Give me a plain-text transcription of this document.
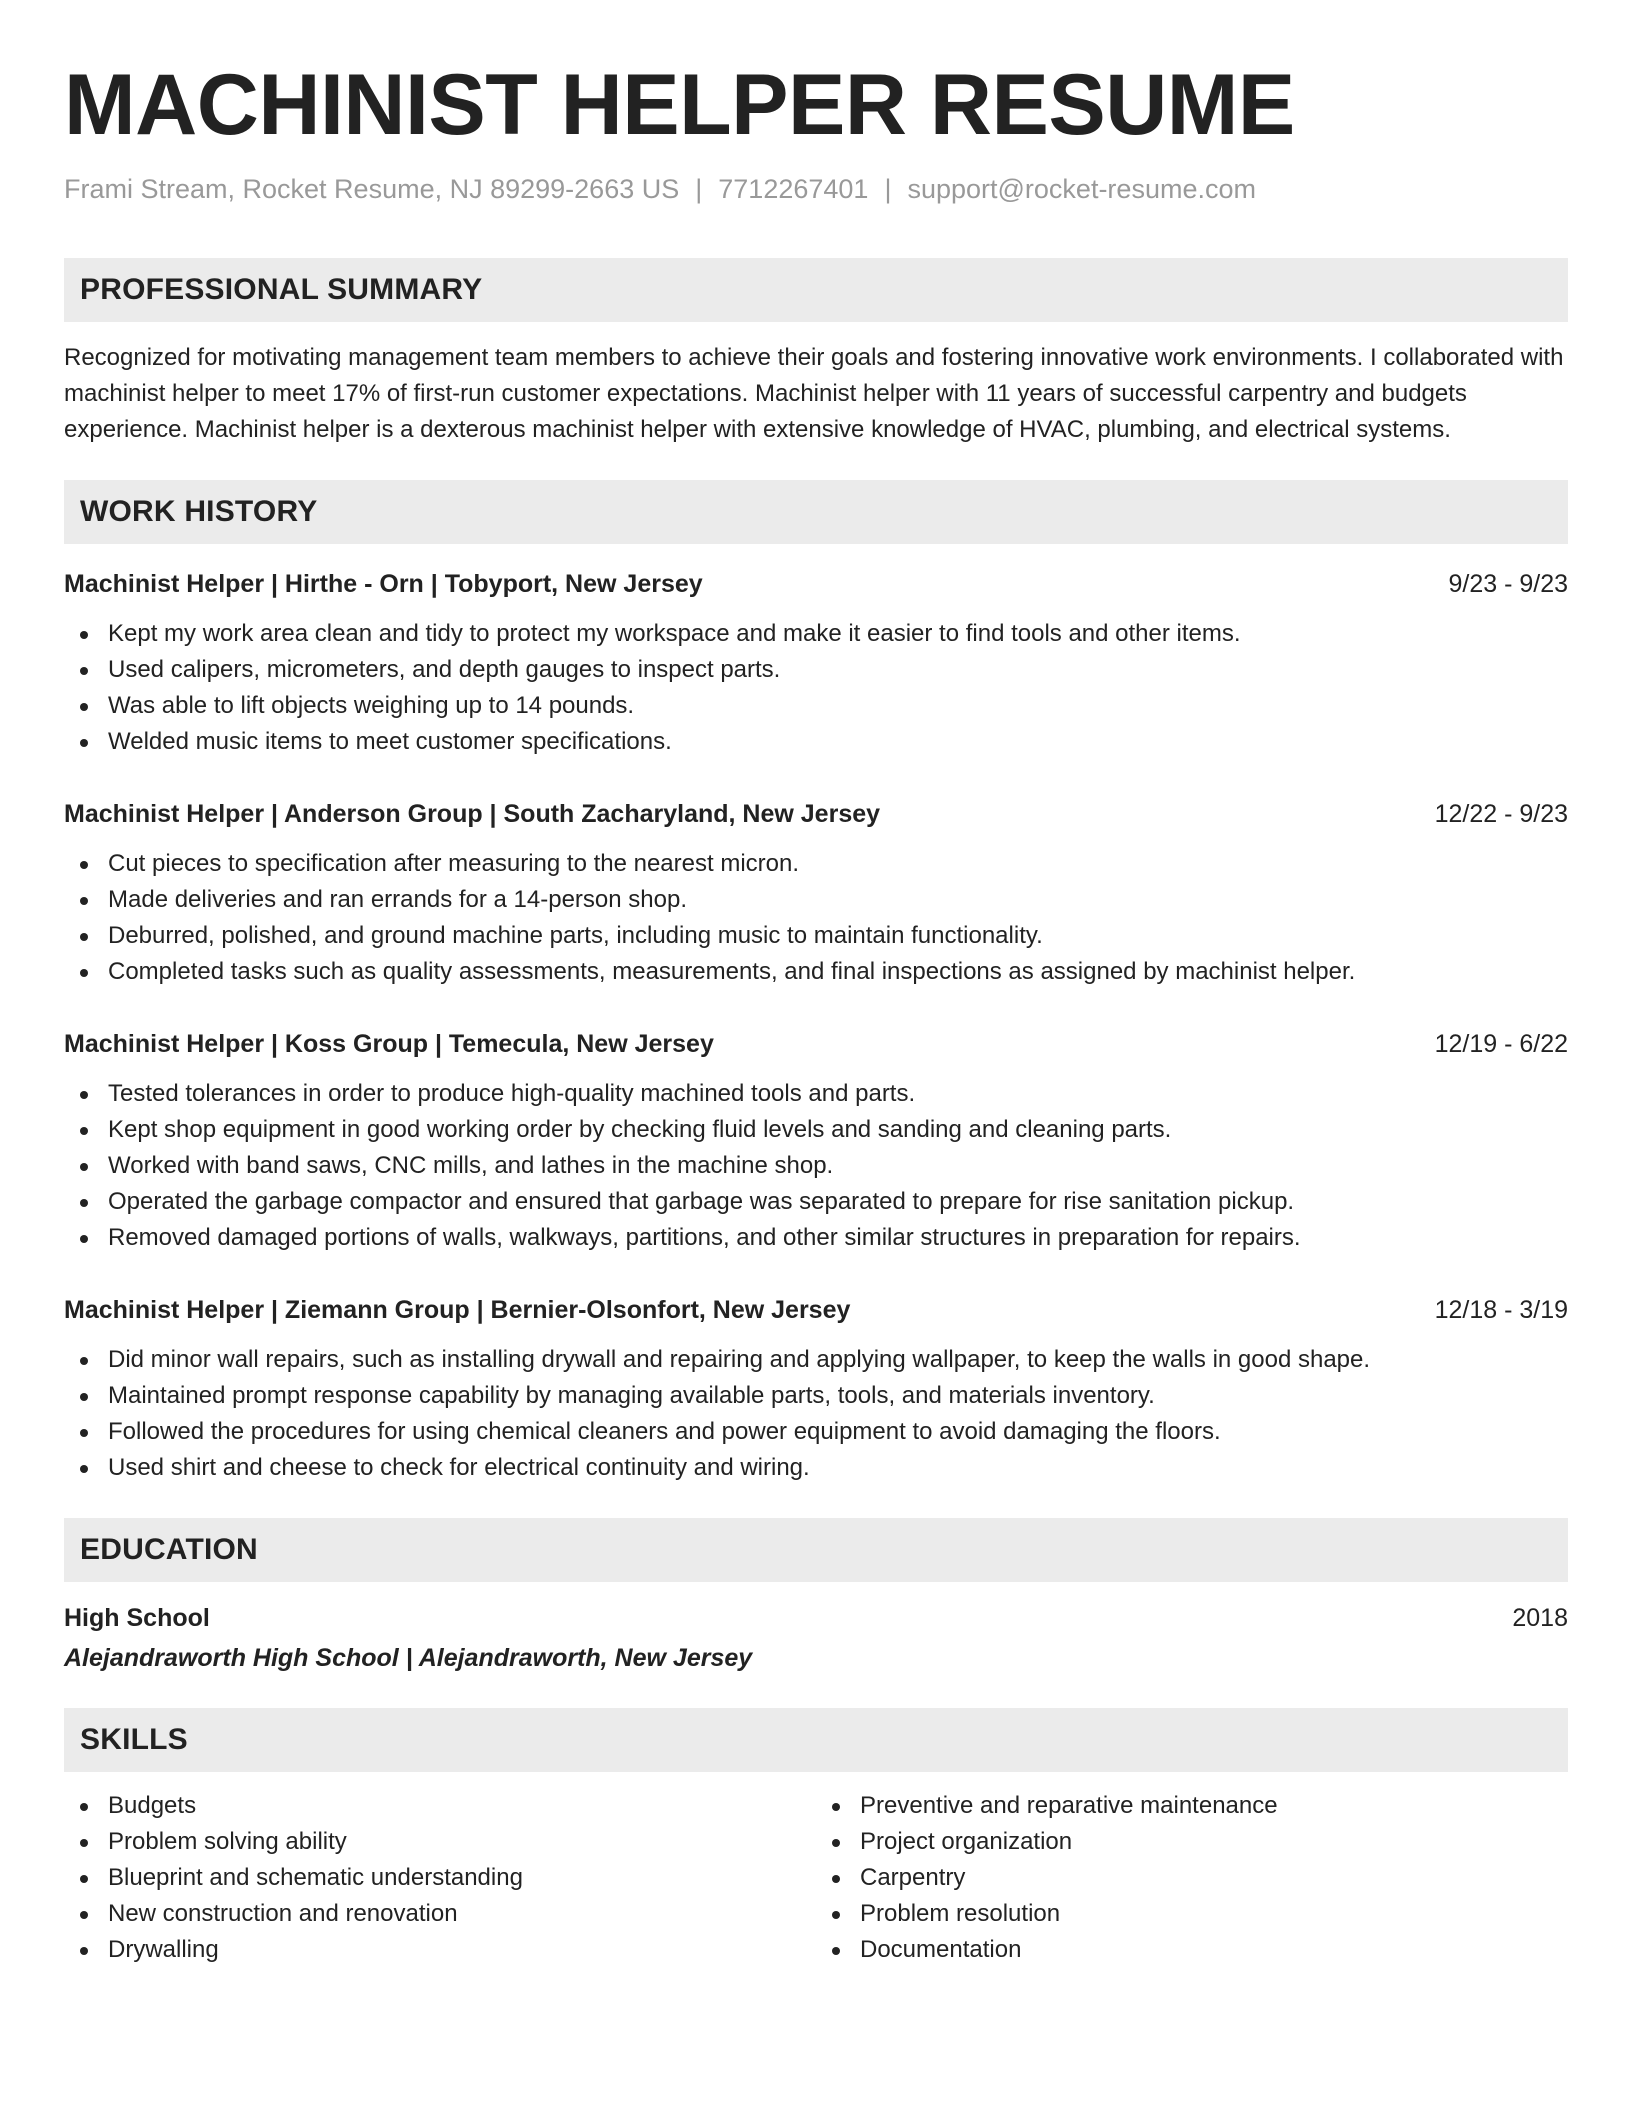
MACHINIST HELPER RESUME
Frami Stream, Rocket Resume, NJ 89299-2663 US | 7712267401 | support@rocket-resume.com
PROFESSIONAL SUMMARY

Recognized for motivating management team members to achieve their goals and fostering innovative work environments. I collaborated with machinist helper to meet 17% of first-run customer expectations. Machinist helper with 11 years of successful carpentry and budgets experience. Machinist helper is a dexterous machinist helper with extensive knowledge of HVAC, plumbing, and electrical systems.

WORK HISTORY
Machinist Helper | Hirthe - Orn | Tobyport, New Jersey	9/23 - 9/23
Kept my work area clean and tidy to protect my workspace and make it easier to find tools and other items.
Used calipers, micrometers, and depth gauges to inspect parts.
Was able to lift objects weighing up to 14 pounds.
Welded music items to meet customer specifications.
Machinist Helper | Anderson Group | South Zacharyland, New Jersey	12/22 - 9/23
Cut pieces to specification after measuring to the nearest micron.
Made deliveries and ran errands for a 14-person shop.
Deburred, polished, and ground machine parts, including music to maintain functionality.
Completed tasks such as quality assessments, measurements, and final inspections as assigned by machinist helper.
Machinist Helper | Koss Group | Temecula, New Jersey	12/19 - 6/22
Tested tolerances in order to produce high-quality machined tools and parts.
Kept shop equipment in good working order by checking fluid levels and sanding and cleaning parts.
Worked with band saws, CNC mills, and lathes in the machine shop.
Operated the garbage compactor and ensured that garbage was separated to prepare for rise sanitation pickup.
Removed damaged portions of walls, walkways, partitions, and other similar structures in preparation for repairs.
Machinist Helper | Ziemann Group | Bernier-Olsonfort, New Jersey	12/18 - 3/19
Did minor wall repairs, such as installing drywall and repairing and applying wallpaper, to keep the walls in good shape.
Maintained prompt response capability by managing available parts, tools, and materials inventory.
Followed the procedures for using chemical cleaners and power equipment to avoid damaging the floors.
Used shirt and cheese to check for electrical continuity and wiring.
EDUCATION
High School	2018
Alejandraworth High School | Alejandraworth, New Jersey
SKILLS
Budgets
Problem solving ability
Blueprint and schematic understanding
New construction and renovation
Drywalling
Preventive and reparative maintenance
Project organization
Carpentry
Problem resolution
Documentation
